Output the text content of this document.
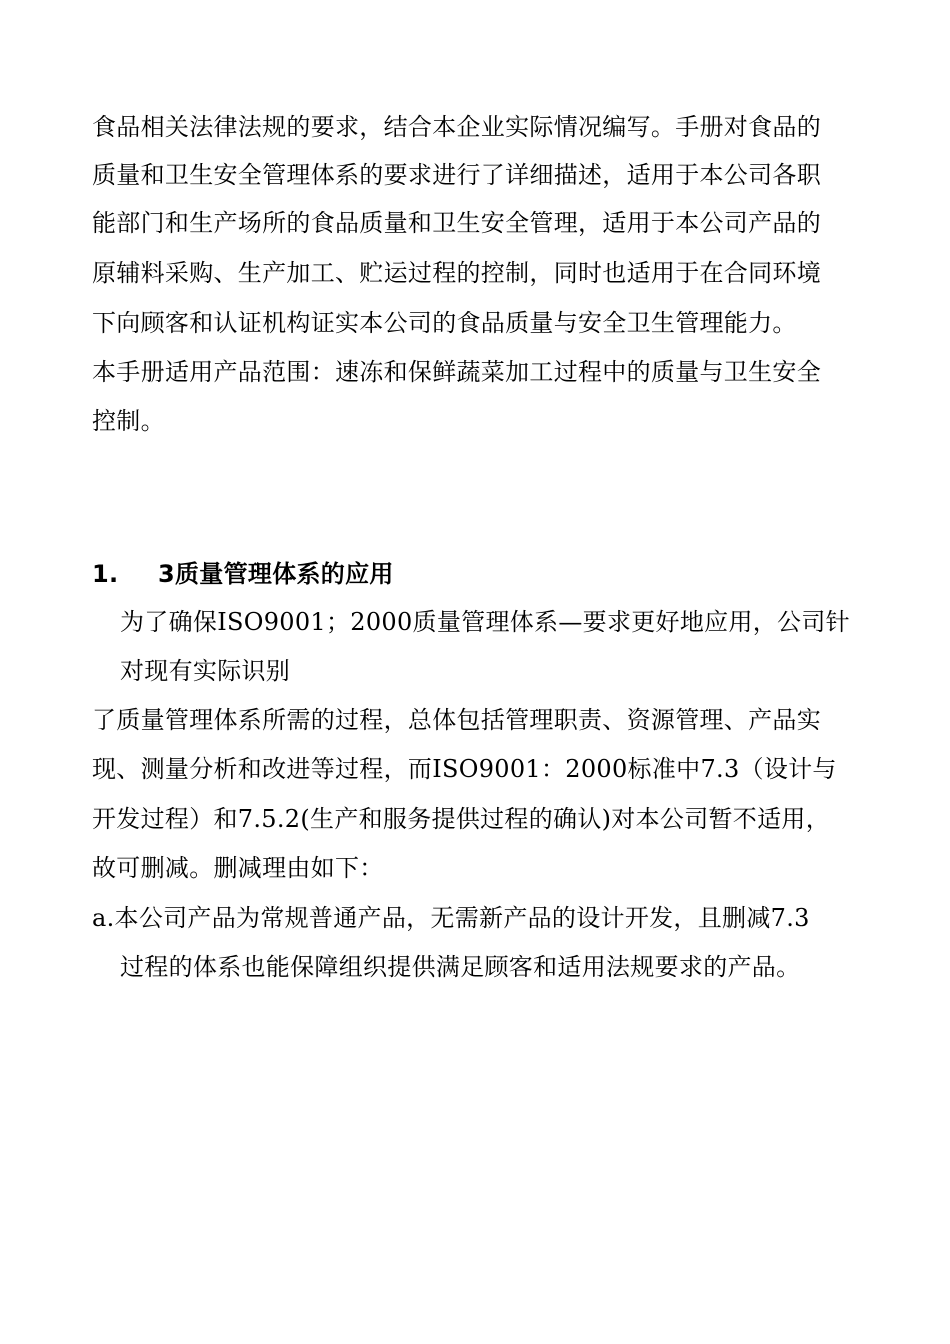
食品相关法律法规的要求，结合本企业实际情况编写。手册对食品的
质量和卫生安全管理体系的要求进行了详细描述，适用于本公司各职
能部门和生产场所的食品质量和卫生安全管理，适用于本公司产品的
原辅料采购、生产加工、贮运过程的控制，同时也适用于在合同环境
下向顾客和认证机构证实本公司的食品质量与安全卫生管理能力。
本手册适用产品范围：速冻和保鲜蔬菜加工过程中的质量与卫生安全
控制。
1. 3质量管理体系的应用
为了确保ISO9001；2000质量管理体系—要求更好地应用，公司针
对现有实际识别
了质量管理体系所需的过程，总体包括管理职责、资源管理、产品实
现、测量分析和改进等过程，而ISO9001：2000标准中7.3（设计与
开发过程）和7.5.2(生产和服务提供过程的确认)对本公司暂不适用，
故可删减。删减理由如下：
a.本公司产品为常规普通产品，无需新产品的设计开发，且删减7.3
过程的体系也能保障组织提供满足顾客和适用法规要求的产品。
